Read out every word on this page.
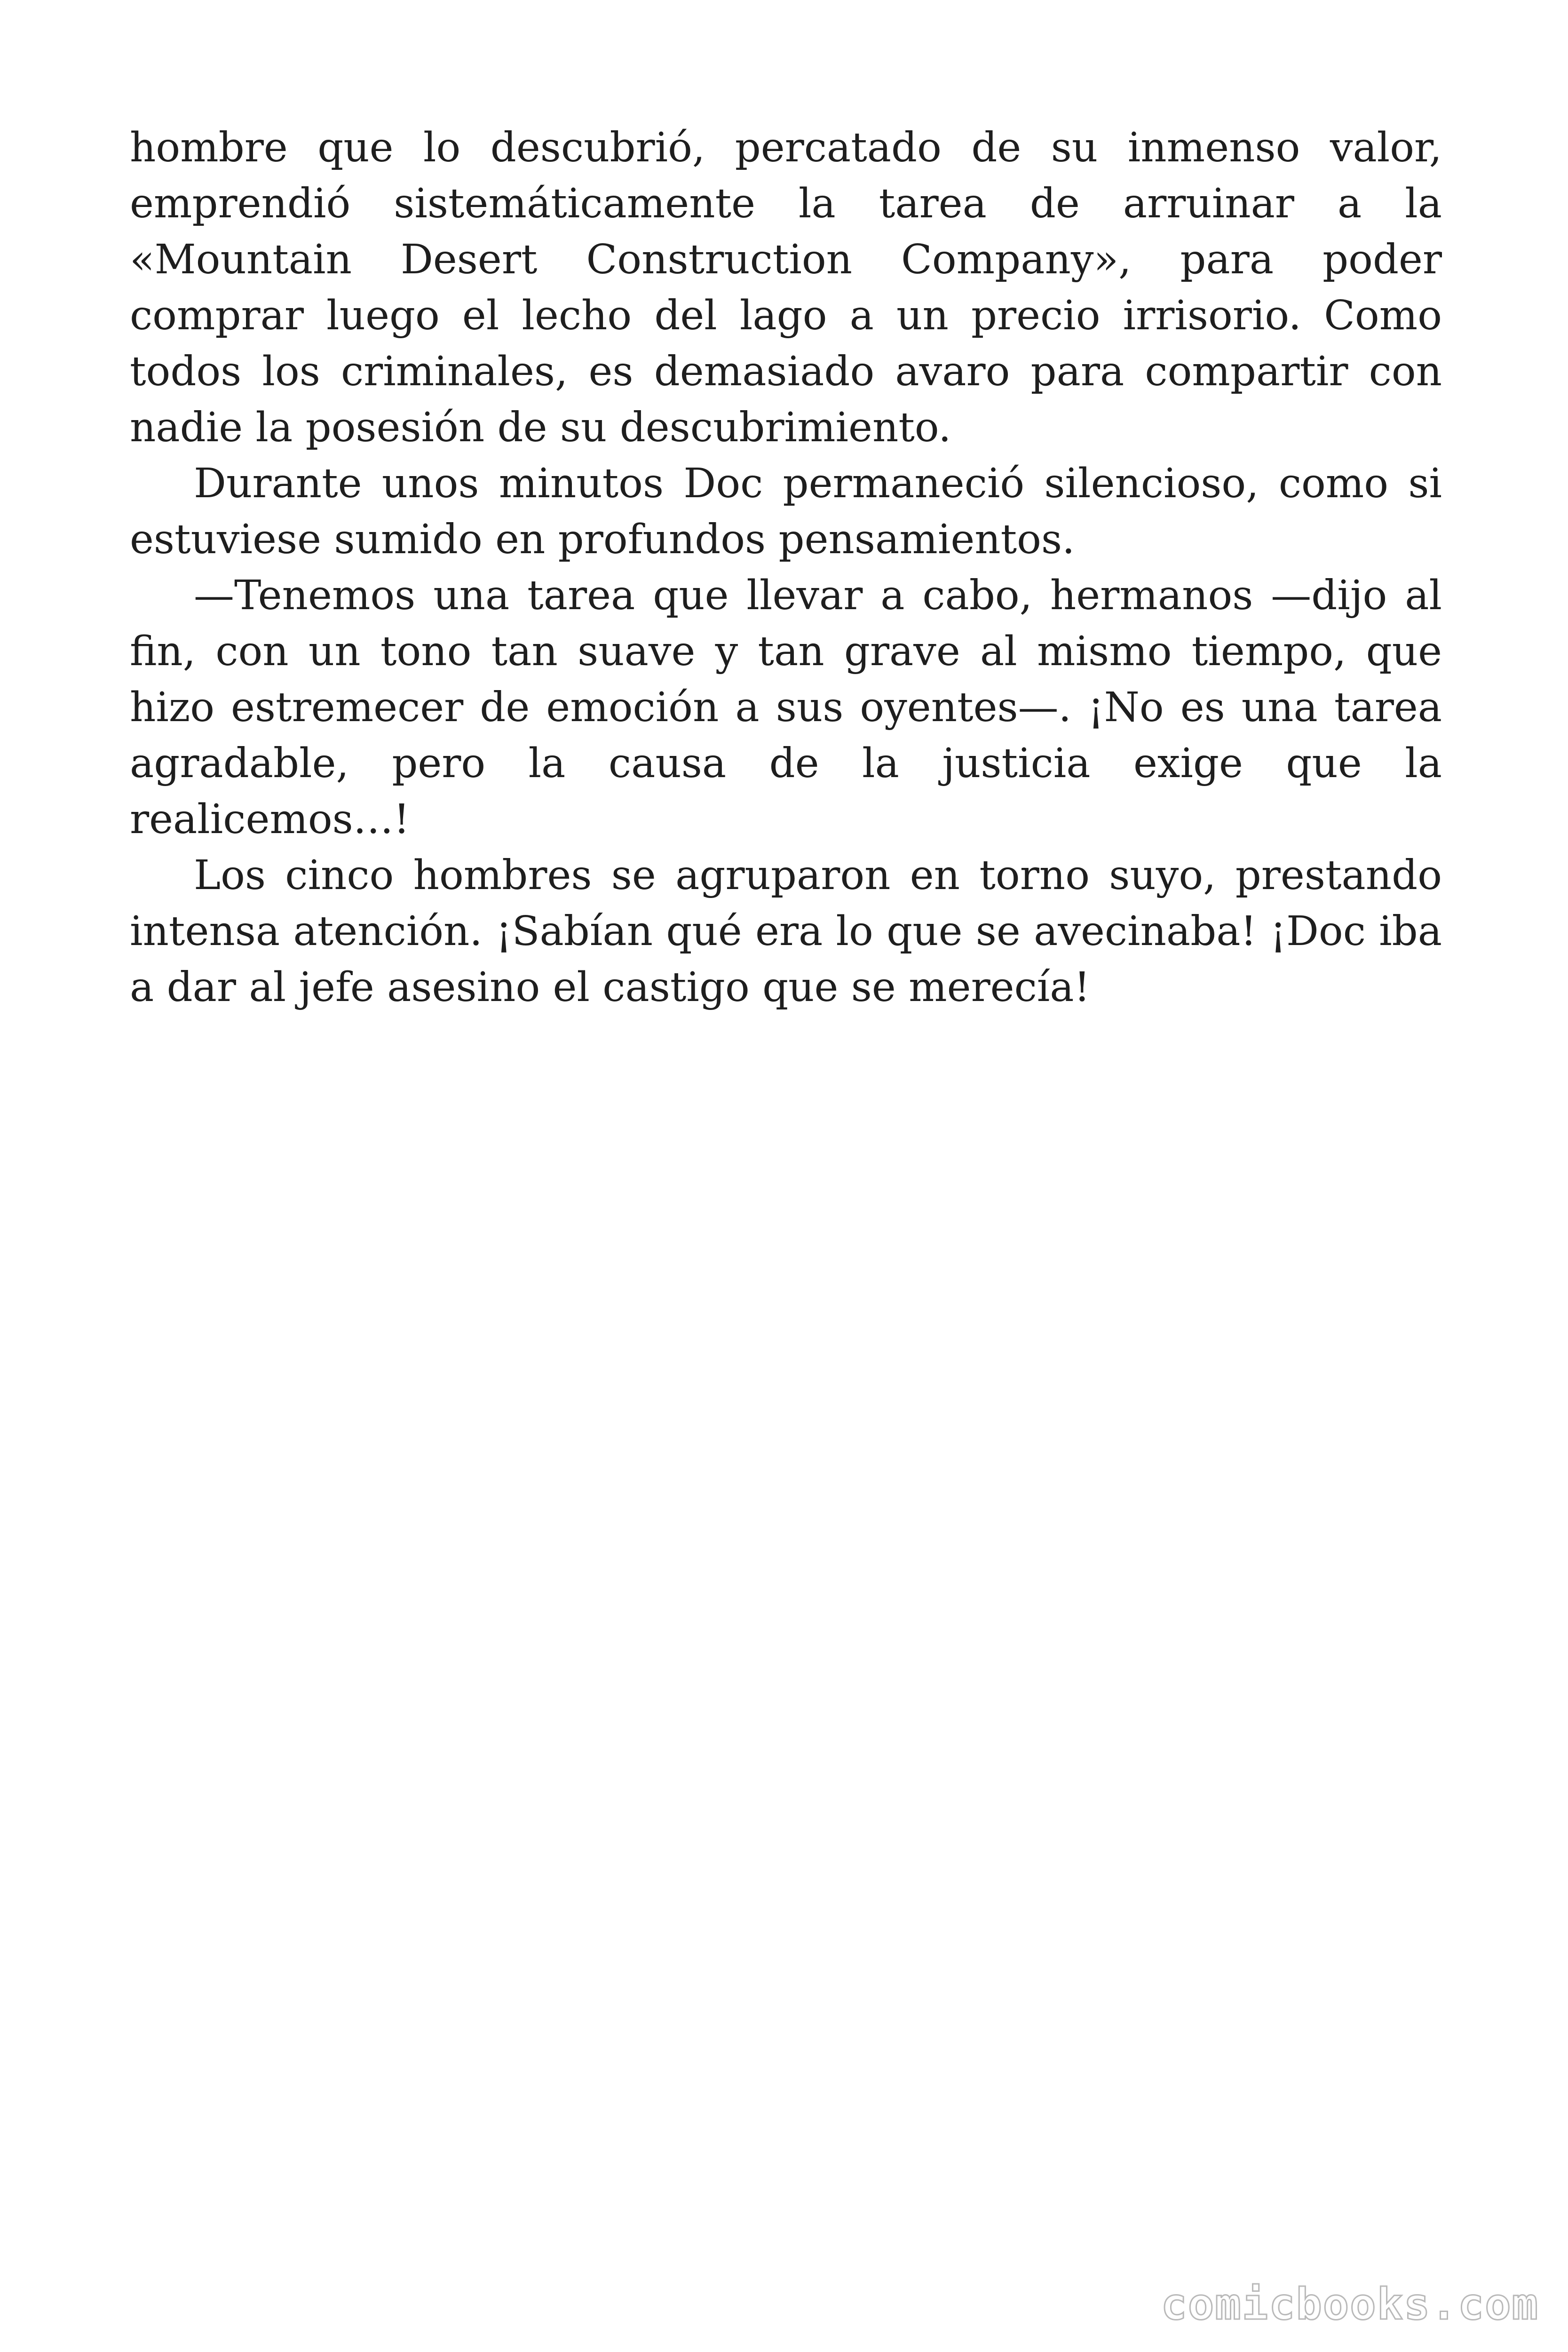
hombre que lo descubrió, percatado de su inmenso valor, emprendió sistemáticamente la tarea de arruinar a la «Mountain Desert Construction Company», para poder comprar luego el lecho del lago a un precio irrisorio. Como todos los criminales, es demasiado avaro para compartir con nadie la posesión de su descubrimiento.

Durante unos minutos Doc permaneció silencioso, como si estuviese sumido en profundos pensamientos.

—Tenemos una tarea que llevar a cabo, hermanos —dijo al fin, con un tono tan suave y tan grave al mismo tiempo, que hizo estremecer de emoción a sus oyentes—. ¡No es una tarea agradable, pero la causa de la justicia exige que la realicemos…!

Los cinco hombres se agruparon en torno suyo, prestando intensa atención. ¡Sabían qué era lo que se avecinaba! ¡Doc iba a dar al jefe asesino el castigo que se merecía!

comicbooks.com
